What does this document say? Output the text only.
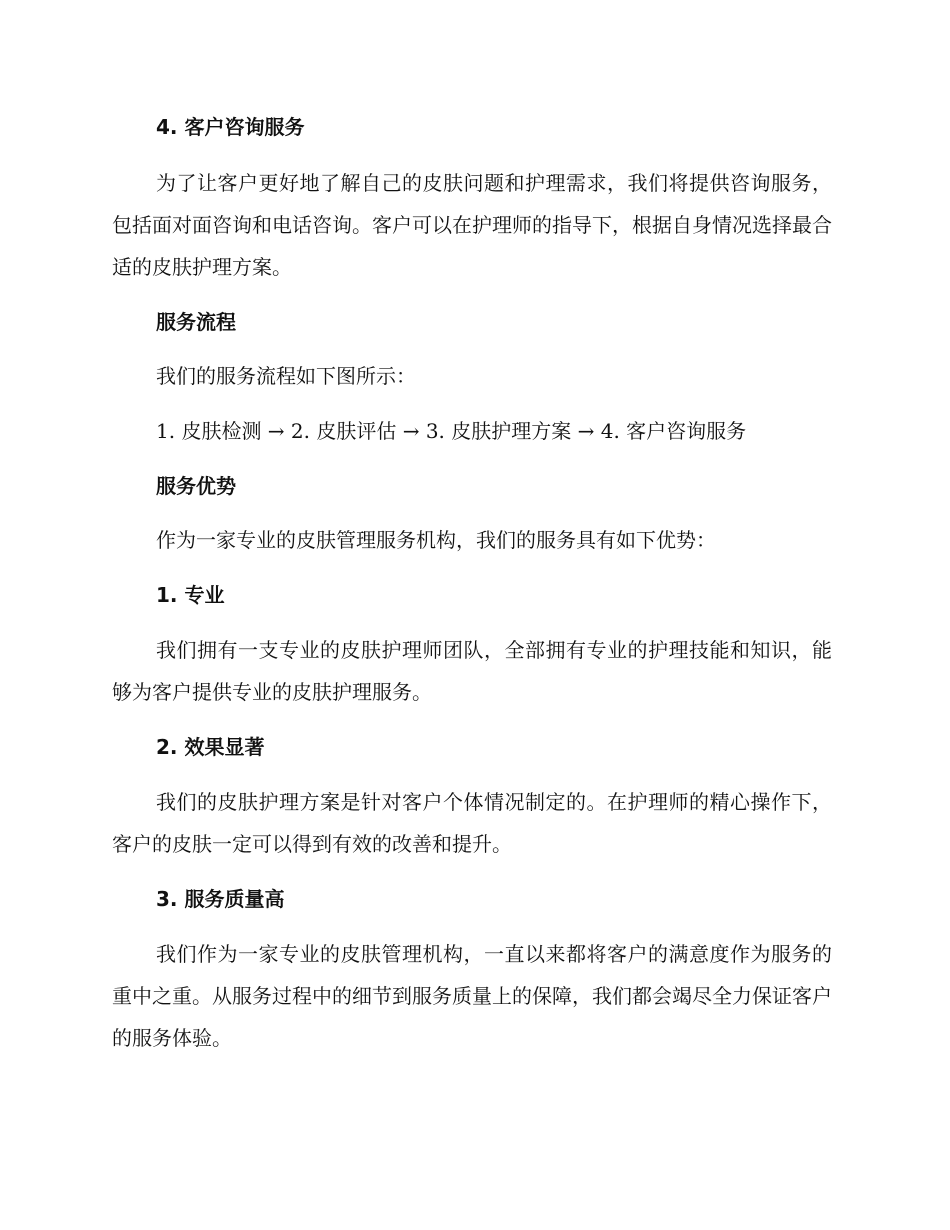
4. 客户咨询服务

为了让客户更好地了解自己的皮肤问题和护理需求，我们将提供咨询服务，包括面对面咨询和电话咨询。客户可以在护理师的指导下，根据自身情况选择最合适的皮肤护理方案。

服务流程

我们的服务流程如下图所示：

1. 皮肤检测 → 2. 皮肤评估 → 3. 皮肤护理方案 → 4. 客户咨询服务

服务优势

作为一家专业的皮肤管理服务机构，我们的服务具有如下优势：

1. 专业

我们拥有一支专业的皮肤护理师团队，全部拥有专业的护理技能和知识，能够为客户提供专业的皮肤护理服务。

2. 效果显著

我们的皮肤护理方案是针对客户个体情况制定的。在护理师的精心操作下，客户的皮肤一定可以得到有效的改善和提升。

3. 服务质量高

我们作为一家专业的皮肤管理机构，一直以来都将客户的满意度作为服务的重中之重。从服务过程中的细节到服务质量上的保障，我们都会竭尽全力保证客户的服务体验。
